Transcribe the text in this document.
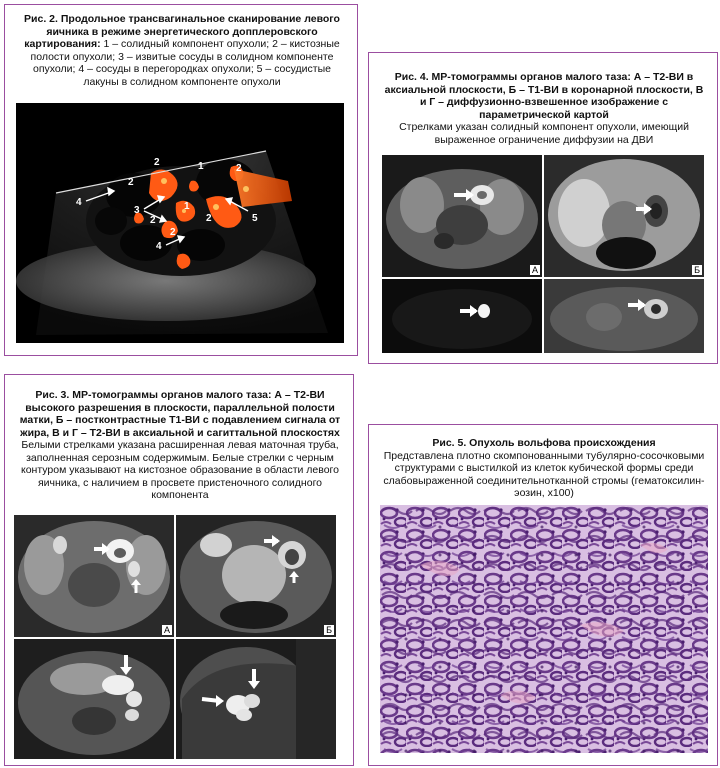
Рис. 2. Продольное трансвагинальное сканирование левого яичника в режиме энергетического допплеровского картирования: 1 – солидный компонент опухоли; 2 – кистозные полости опухоли; 3 – извитые сосуды в солидном компоненте опухоли; 4 – сосуды в перегородках опухоли; 5 – сосудистые лакуны в солидном компоненте опухоли
2	1	2
2
4
3	1
2	2	5
2
4
Рис. 4. МР-томограммы органов малого таза: А – Т2-ВИ в аксиальной плоскости, Б – Т1-ВИ в коронарной плоскости, В и Г – диффузионно-взвешенное изображение с параметрической картой
Стрелками указан солидный компонент опухоли, имеющий выраженное ограничение диффузии на ДВИ
А	Б
Рис. 3. МР-томограммы органов малого таза: А – Т2-ВИ высокого разрешения в плоскости, параллельной полости матки, Б – постконтрастные Т1-ВИ с подавлением сигнала от жира, В и Г – Т2-ВИ в аксиальной и сагиттальной плоскостях
Белыми стрелками указана расширенная левая маточная труба, заполненная серозным содержимым. Белые стрелки с черным контуром указывают на кистозное образование в области левого яичника, с наличием в просвете пристеночного солидного компонента
А	Б
Рис. 5. Опухоль вольфова происхождения
Представлена плотно скомпонованными тубулярно-сосочковыми структурами с выстилкой из клеток кубической формы среди слабовыраженной соединительнотканной стромы (гематоксилин-эозин, х100)
